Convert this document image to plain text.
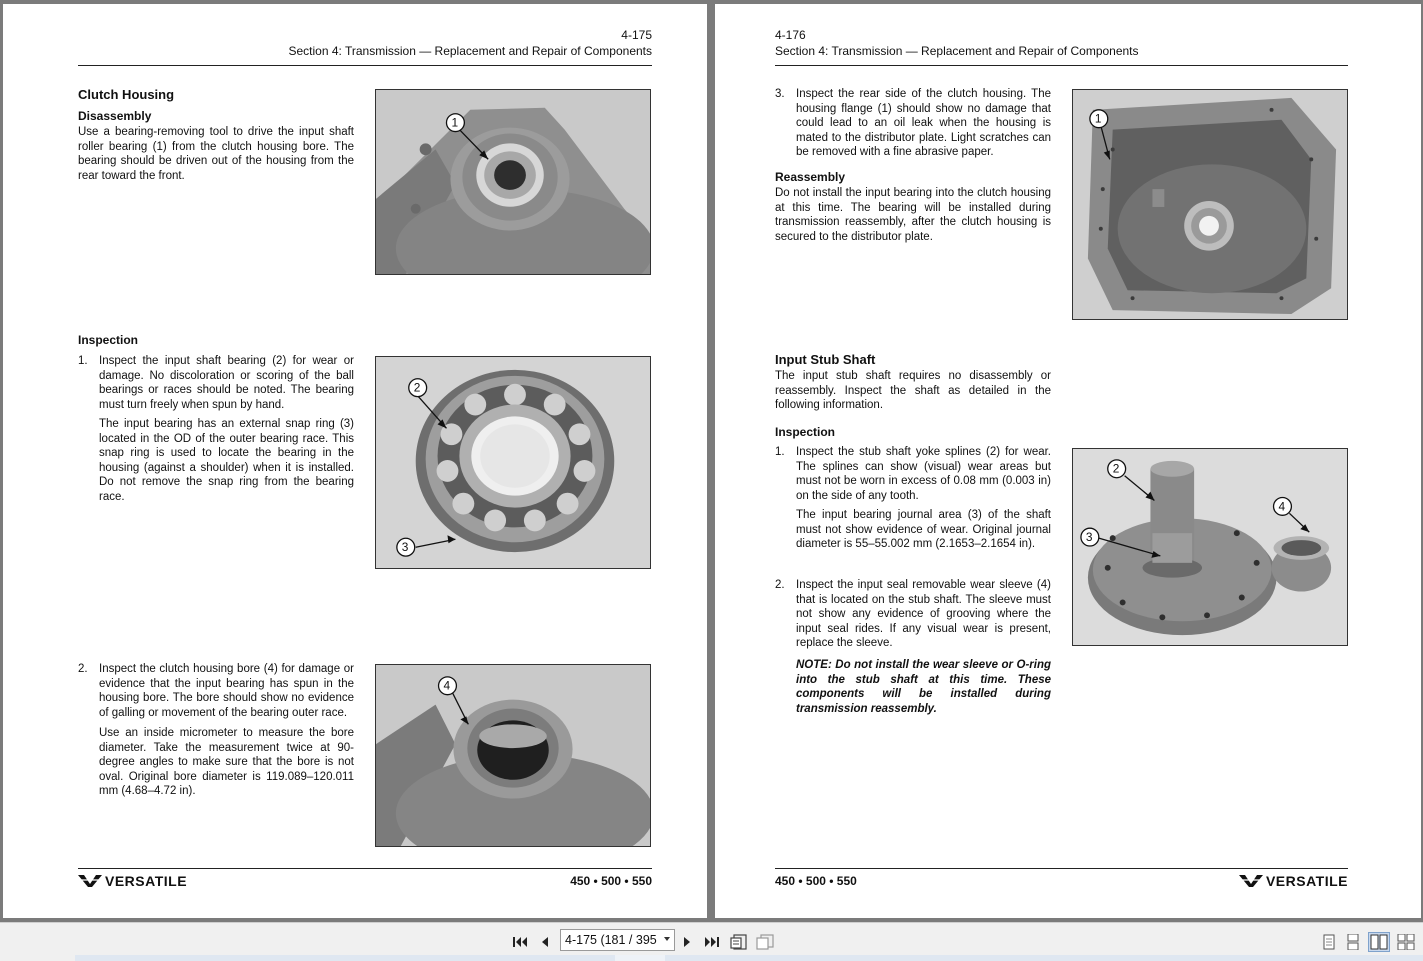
4-175
Section 4: Transmission — Replacement and Repair of Components
Clutch Housing
Disassembly
Use a bearing-removing tool to drive the input shaft roller bearing (1) from the clutch housing bore. The bearing should be driven out of the housing from the rear toward the front.
1
Inspection
1. Inspect the input shaft bearing (2) for wear or damage. No discoloration or scoring of the ball bearings or races should be noted. The bearing must turn freely when spun by hand.
The input bearing has an external snap ring (3) located in the OD of the outer bearing race. This snap ring is used to locate the bearing in the housing (against a shoulder) when it is installed. Do not remove the snap ring from the bearing race.
2
3
2. Inspect the clutch housing bore (4) for damage or evidence that the input bearing has spun in the housing bore. The bore should show no evidence of galling or movement of the bearing outer race.
Use an inside micrometer to measure the bore diameter. Take the measurement twice at 90-degree angles to make sure that the bore is not oval. Original bore diameter is 119.089–120.011 mm (4.68–4.72 in).
4
VERSATILE	450 • 500 • 550
4-176
Section 4: Transmission — Replacement and Repair of Components
3. Inspect the rear side of the clutch housing. The housing flange (1) should show no damage that could lead to an oil leak when the housing is mated to the distributor plate. Light scratches can be removed with a fine abrasive paper.
1
Reassembly
Do not install the input bearing into the clutch housing at this time. The bearing will be installed during transmission reassembly, after the clutch housing is secured to the distributor plate.
Input Stub Shaft
The input stub shaft requires no disassembly or reassembly. Inspect the shaft as detailed in the following information.
Inspection
1. Inspect the stub shaft yoke splines (2) for wear. The splines can show (visual) wear areas but must not be worn in excess of 0.08 mm (0.003 in) on the side of any tooth.
The input bearing journal area (3) of the shaft must not show evidence of wear. Original journal diameter is 55–55.002 mm (2.1653–2.1654 in).
2. Inspect the input seal removable wear sleeve (4) that is located on the stub shaft. The sleeve must not show any evidence of grooving where the input seal rides. If any visual wear is present, replace the sleeve.
NOTE: Do not install the wear sleeve or O-ring into the stub shaft at this time. These components will be installed during transmission reassembly.
2
3
4
450 • 500 • 550	VERSATILE
4-175 (181 / 395
